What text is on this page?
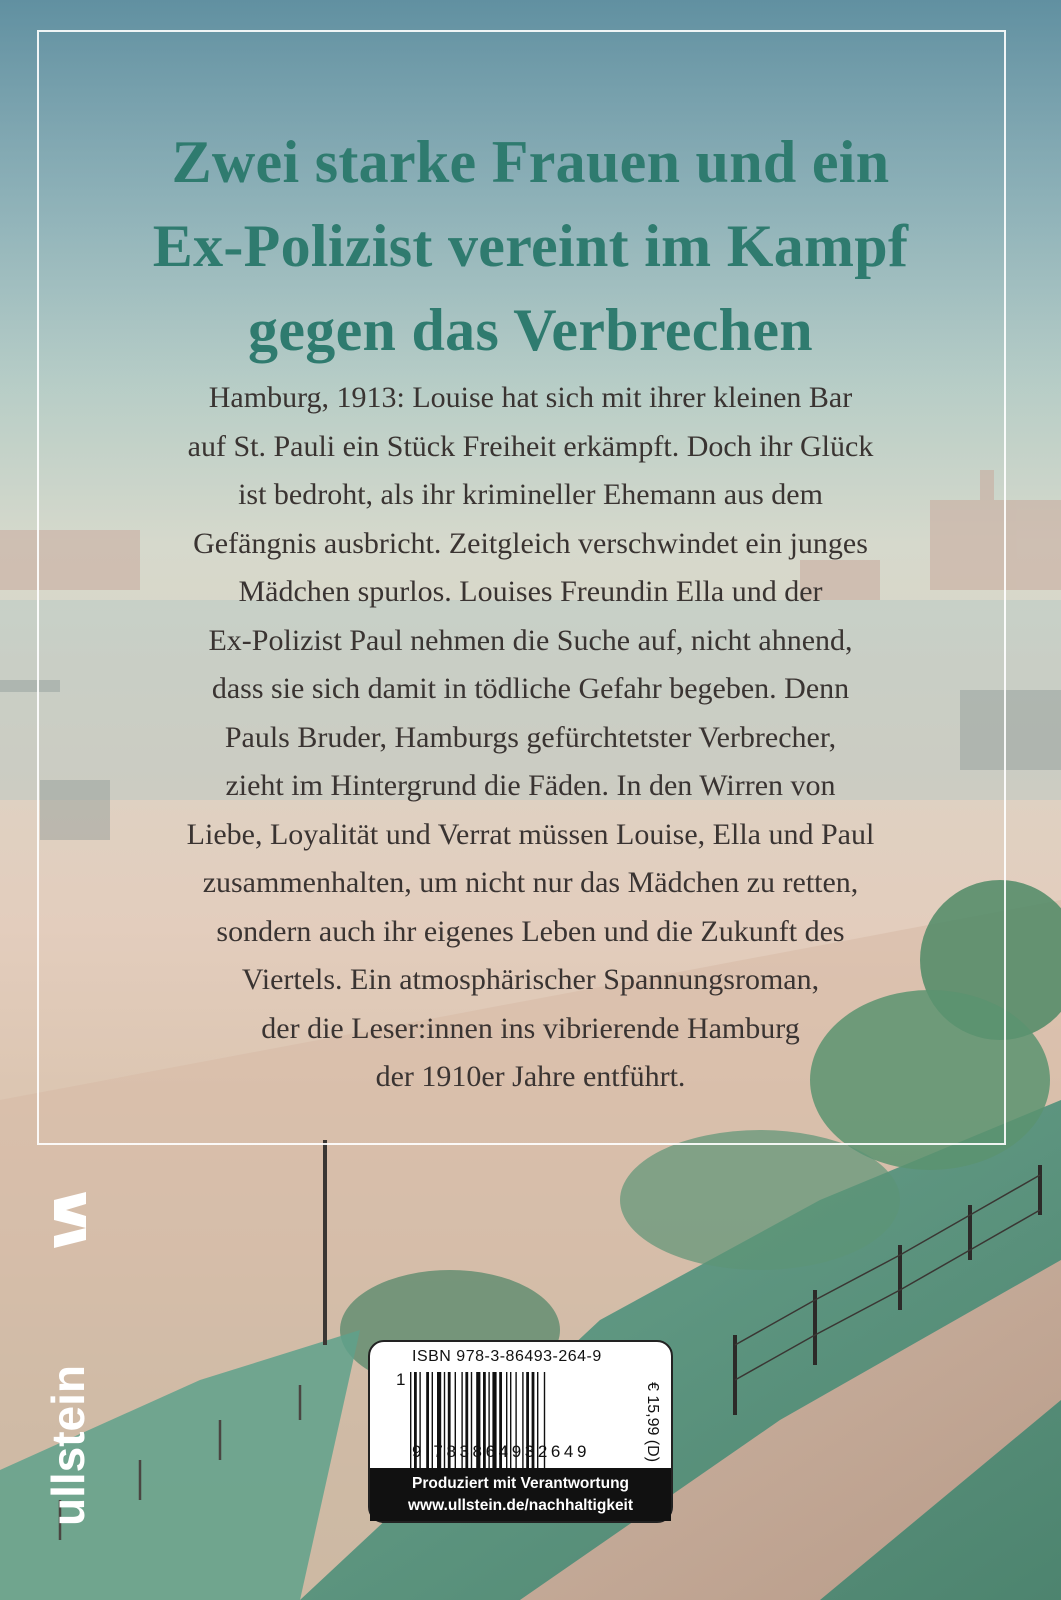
Zwei starke Frauen und ein
Ex-Polizist vereint im Kampf
gegen das Verbrechen
Hamburg, 1913: Louise hat sich mit ihrer kleinen Bar
auf St. Pauli ein Stück Freiheit erkämpft. Doch ihr Glück
ist bedroht, als ihr krimineller Ehemann aus dem
Gefängnis ausbricht. Zeitgleich verschwindet ein junges
Mädchen spurlos. Louises Freundin Ella und der
Ex-Polizist Paul nehmen die Suche auf, nicht ahnend,
dass sie sich damit in tödliche Gefahr begeben. Denn
Pauls Bruder, Hamburgs gefürchtetster Verbrecher,
zieht im Hintergrund die Fäden. In den Wirren von
Liebe, Loyalität und Verrat müssen Louise, Ella und Paul
zusammenhalten, um nicht nur das Mädchen zu retten,
sondern auch ihr eigenes Leben und die Zukunft des
Viertels. Ein atmosphärischer Spannungsroman,
der die Leser:innen ins vibrierende Hamburg
der 1910er Jahre entführt.
ullstein
ISBN 978-3-86493-264-9
1
9 783864932649	€ 15,99 (D)
Produziert mit Verantwortung
www.ullstein.de/nachhaltigkeit
